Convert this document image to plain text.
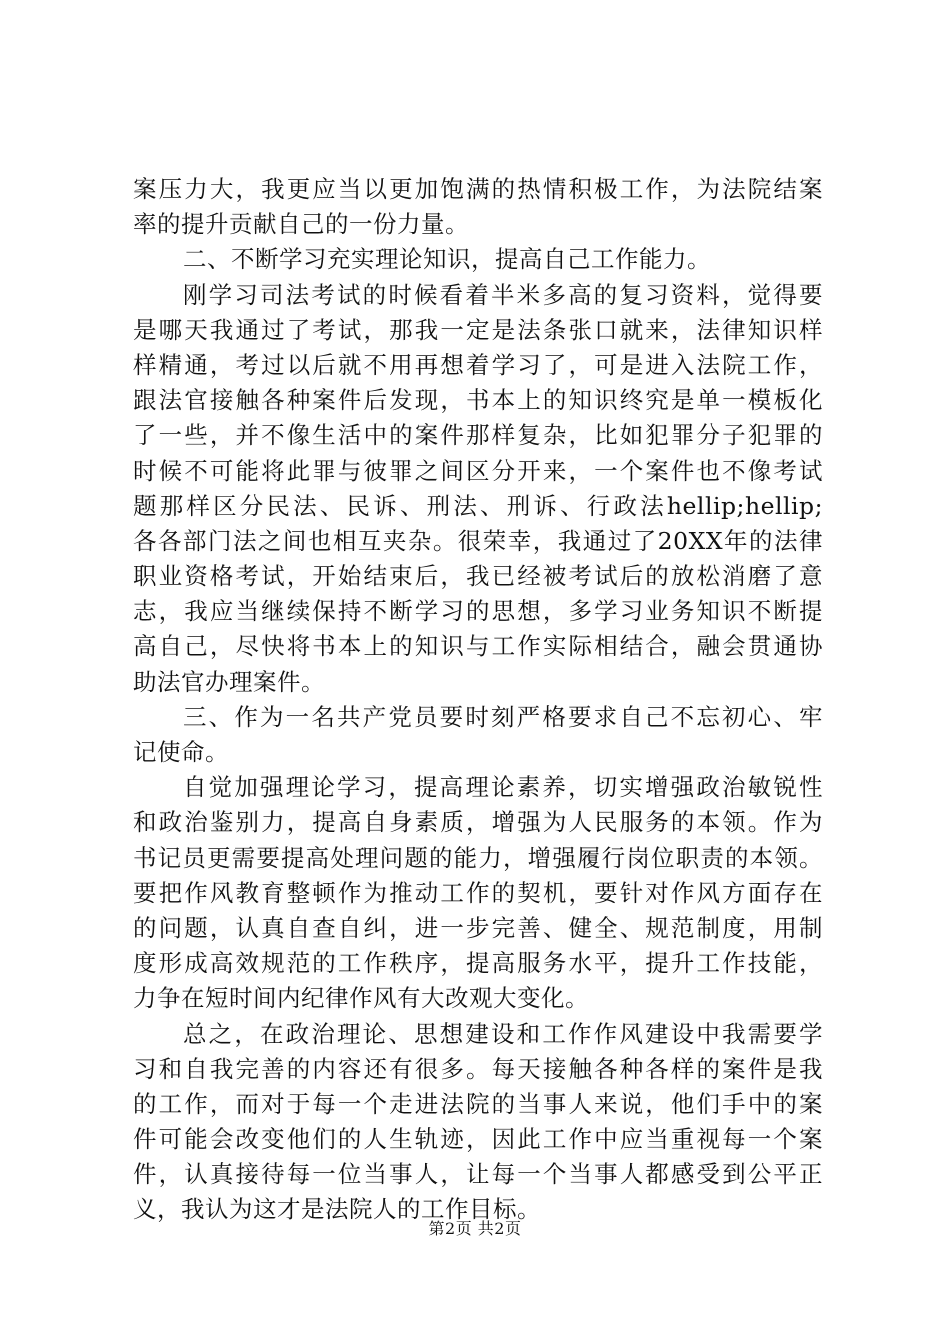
案压力大，我更应当以更加饱满的热情积极工作，为法院结案
率的提升贡献自己的一份力量。
二、不断学习充实理论知识，提高自己工作能力。
刚学习司法考试的时候看着半米多高的复习资料，觉得要
是哪天我通过了考试，那我一定是法条张口就来，法律知识样
样精通，考过以后就不用再想着学习了，可是进入法院工作，
跟法官接触各种案件后发现，书本上的知识终究是单一模板化
了一些，并不像生活中的案件那样复杂，比如犯罪分子犯罪的
时候不可能将此罪与彼罪之间区分开来，一个案件也不像考试
题那样区分民法、民诉、刑法、刑诉、行政法hellip;hellip;
各各部门法之间也相互夹杂。很荣幸，我通过了20XX年的法律
职业资格考试，开始结束后，我已经被考试后的放松消磨了意
志，我应当继续保持不断学习的思想，多学习业务知识不断提
高自己，尽快将书本上的知识与工作实际相结合，融会贯通协
助法官办理案件。
三、作为一名共产党员要时刻严格要求自己不忘初心、牢
记使命。
自觉加强理论学习，提高理论素养，切实增强政治敏锐性
和政治鉴别力，提高自身素质，增强为人民服务的本领。作为
书记员更需要提高处理问题的能力，增强履行岗位职责的本领。
要把作风教育整顿作为推动工作的契机，要针对作风方面存在
的问题，认真自查自纠，进一步完善、健全、规范制度，用制
度形成高效规范的工作秩序，提高服务水平，提升工作技能，
力争在短时间内纪律作风有大改观大变化。
总之，在政治理论、思想建设和工作作风建设中我需要学
习和自我完善的内容还有很多。每天接触各种各样的案件是我
的工作，而对于每一个走进法院的当事人来说，他们手中的案
件可能会改变他们的人生轨迹，因此工作中应当重视每一个案
件，认真接待每一位当事人，让每一个当事人都感受到公平正
义，我认为这才是法院人的工作目标。
第2页 共2页
